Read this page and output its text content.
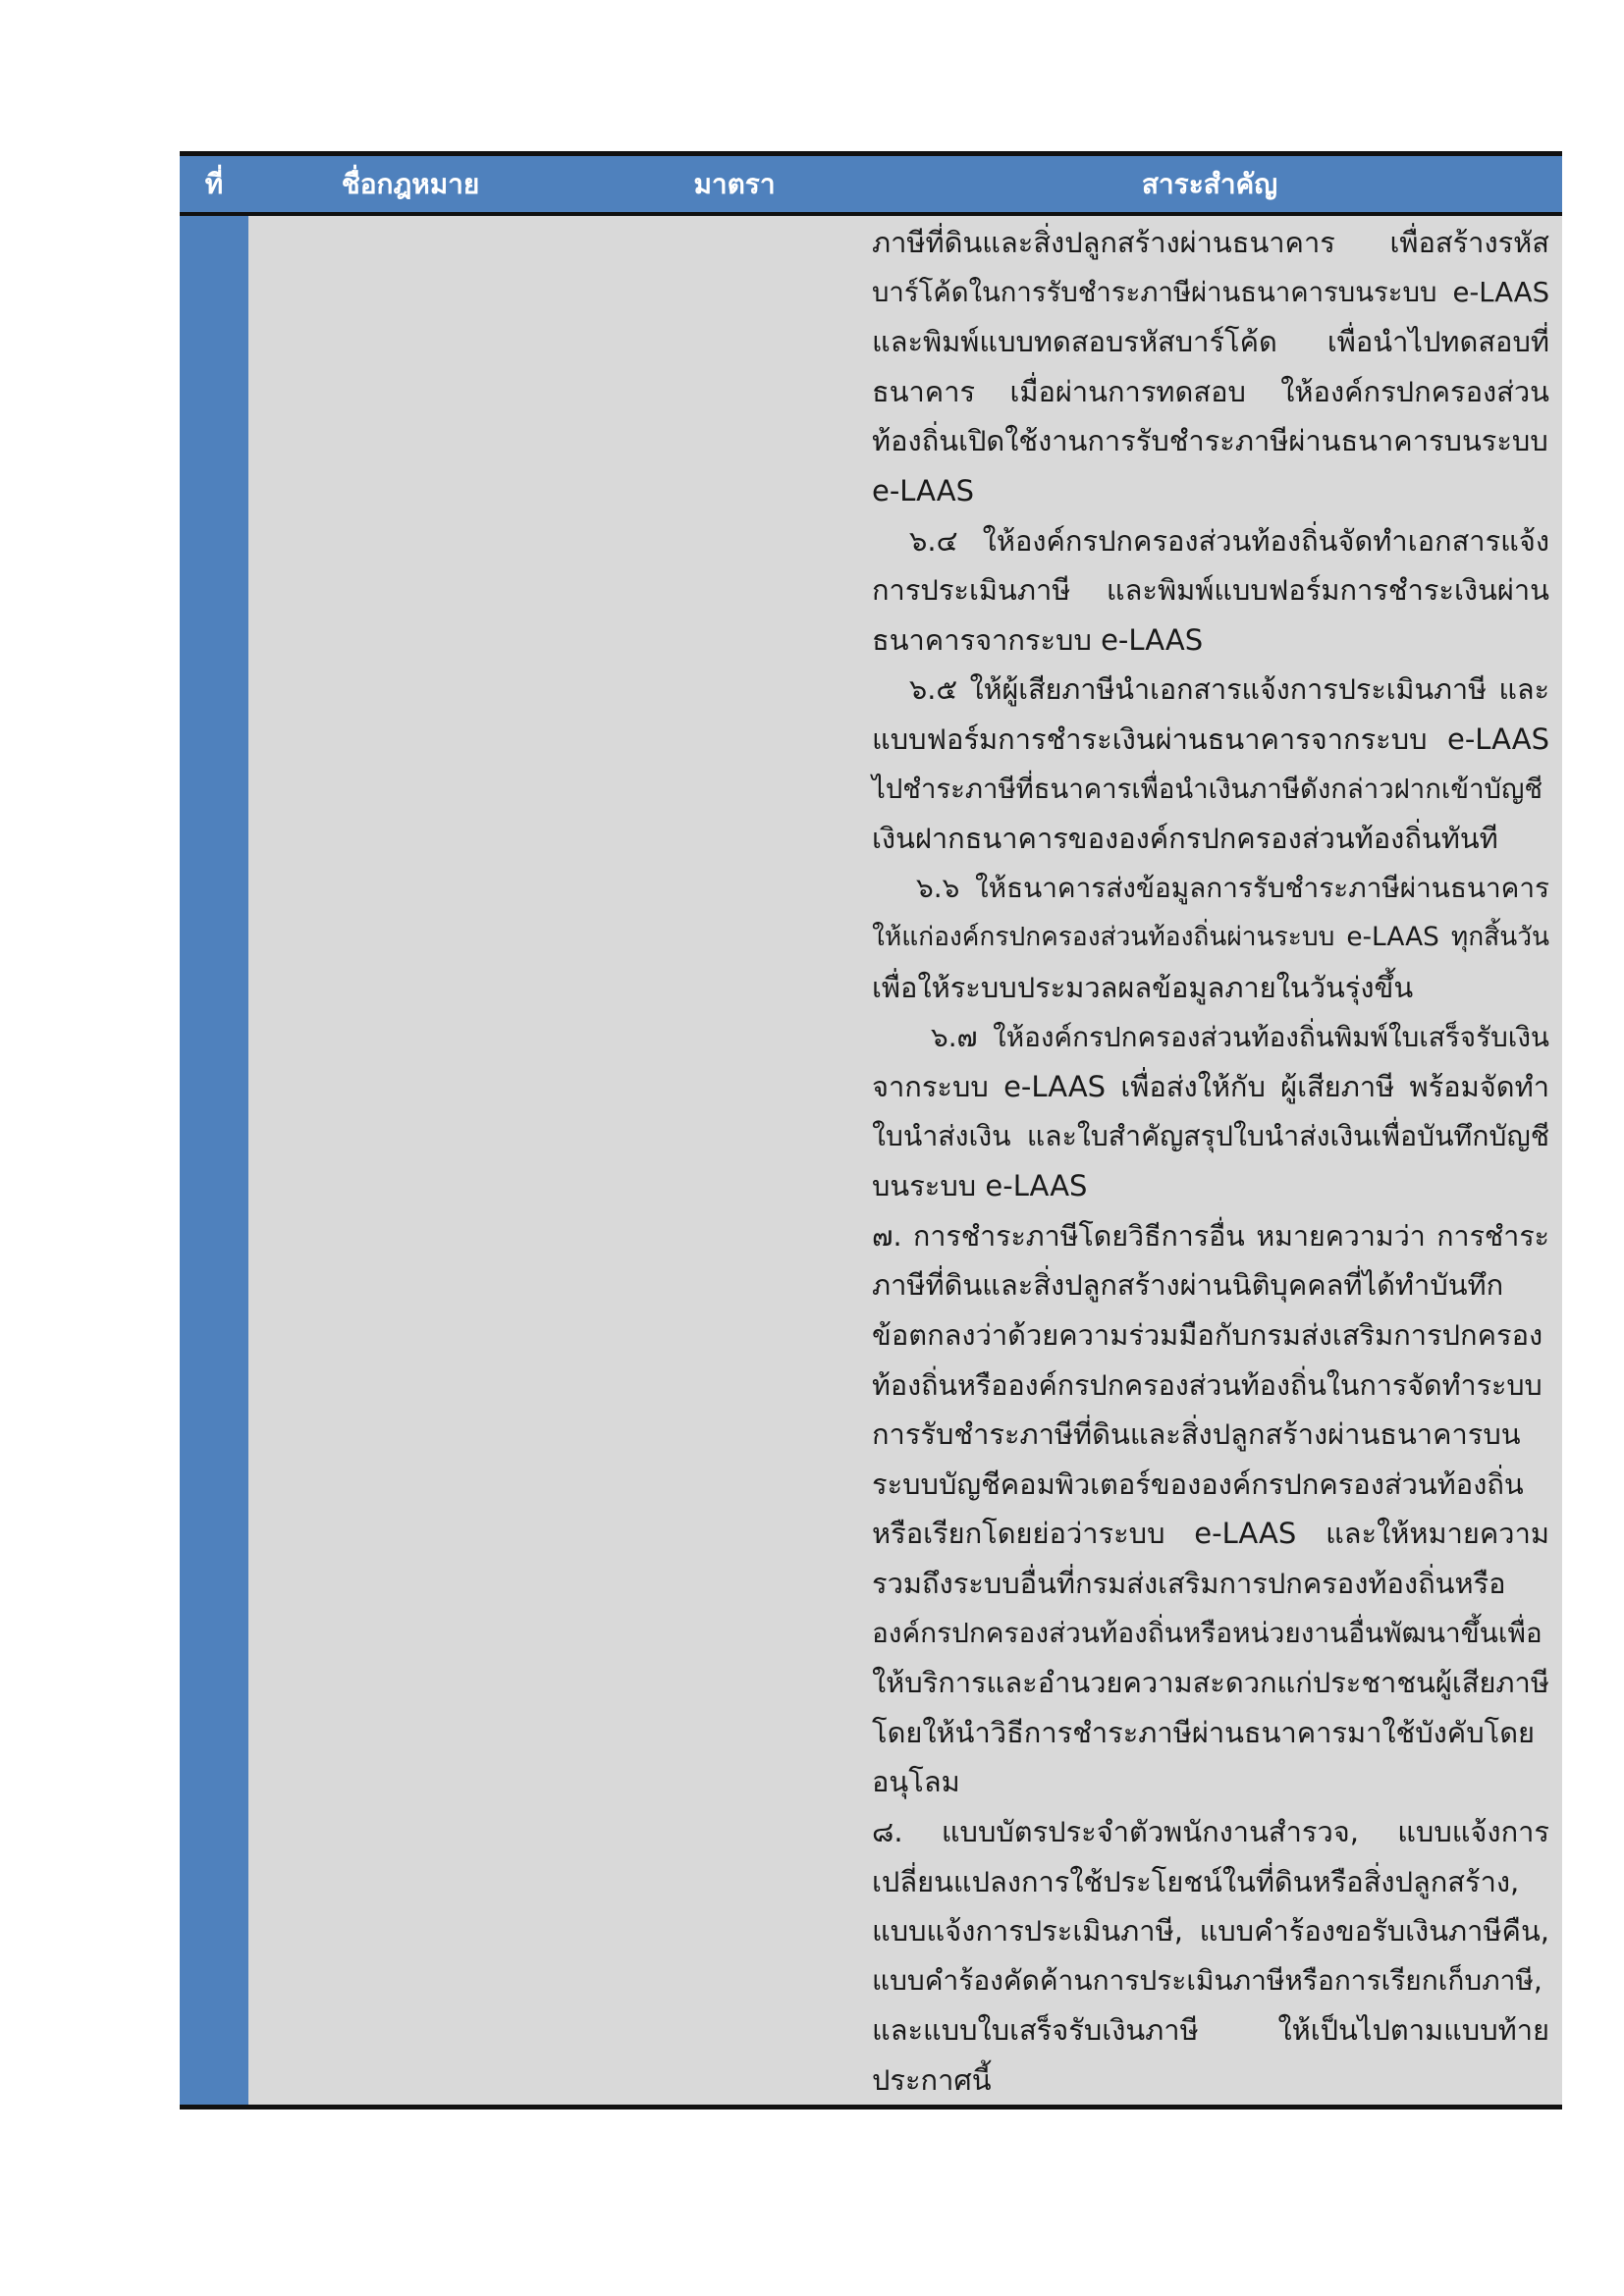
ที่	ชื่อกฎหมาย	มาตรา	สาระสำคัญ
ภาษีที่ดินและสิ่งปลูกสร้างผ่านธนาคาร เพื่อสร้างรหัส
บาร์โค้ดในการรับชำระภาษีผ่านธนาคารบนระบบ e-LAAS
และพิมพ์แบบทดสอบรหัสบาร์โค้ด เพื่อนำไปทดสอบที่
ธนาคาร เมื่อผ่านการทดสอบ ให้องค์กรปกครองส่วน
ท้องถิ่นเปิดใช้งานการรับชำระภาษีผ่านธนาคารบนระบบ
e-LAAS
๖.๔ ให้องค์กรปกครองส่วนท้องถิ่นจัดทำเอกสารแจ้ง
การประเมินภาษี และพิมพ์แบบฟอร์มการชำระเงินผ่าน
ธนาคารจากระบบ e-LAAS
๖.๕ ให้ผู้เสียภาษีนำเอกสารแจ้งการประเมินภาษี และ
แบบฟอร์มการชำระเงินผ่านธนาคารจากระบบ e-LAAS
ไปชำระภาษีที่ธนาคารเพื่อนำเงินภาษีดังกล่าวฝากเข้าบัญชี
เงินฝากธนาคารขององค์กรปกครองส่วนท้องถิ่นทันที
๖.๖ ให้ธนาคารส่งข้อมูลการรับชำระภาษีผ่านธนาคาร
ให้แก่องค์กรปกครองส่วนท้องถิ่นผ่านระบบ e-LAAS ทุกสิ้นวัน
เพื่อให้ระบบประมวลผลข้อมูลภายในวันรุ่งขึ้น
๖.๗ ให้องค์กรปกครองส่วนท้องถิ่นพิมพ์ใบเสร็จรับเงิน
จากระบบ e-LAAS เพื่อส่งให้กับ ผู้เสียภาษี พร้อมจัดทำ
ใบนำส่งเงิน และใบสำคัญสรุปใบนำส่งเงินเพื่อบันทึกบัญชี
บนระบบ e-LAAS
๗. การชำระภาษีโดยวิธีการอื่น หมายความว่า การชำระ
ภาษีที่ดินและสิ่งปลูกสร้างผ่านนิติบุคคลที่ได้ทำบันทึก
ข้อตกลงว่าด้วยความร่วมมือกับกรมส่งเสริมการปกครอง
ท้องถิ่นหรือองค์กรปกครองส่วนท้องถิ่นในการจัดทำระบบ
การรับชำระภาษีที่ดินและสิ่งปลูกสร้างผ่านธนาคารบน
ระบบบัญชีคอมพิวเตอร์ขององค์กรปกครองส่วนท้องถิ่น
หรือเรียกโดยย่อว่าระบบ e-LAAS และให้หมายความ
รวมถึงระบบอื่นที่กรมส่งเสริมการปกครองท้องถิ่นหรือ
องค์กรปกครองส่วนท้องถิ่นหรือหน่วยงานอื่นพัฒนาขึ้นเพื่อ
ให้บริการและอำนวยความสะดวกแก่ประชาชนผู้เสียภาษี
โดยให้นำวิธีการชำระภาษีผ่านธนาคารมาใช้บังคับโดย
อนุโลม
๘. แบบบัตรประจำตัวพนักงานสำรวจ, แบบแจ้งการ
เปลี่ยนแปลงการใช้ประโยชน์ในที่ดินหรือสิ่งปลูกสร้าง,
แบบแจ้งการประเมินภาษี, แบบคำร้องขอรับเงินภาษีคืน,
แบบคำร้องคัดค้านการประเมินภาษีหรือการเรียกเก็บภาษี,
และแบบใบเสร็จรับเงินภาษี ให้เป็นไปตามแบบท้าย
ประกาศนี้
